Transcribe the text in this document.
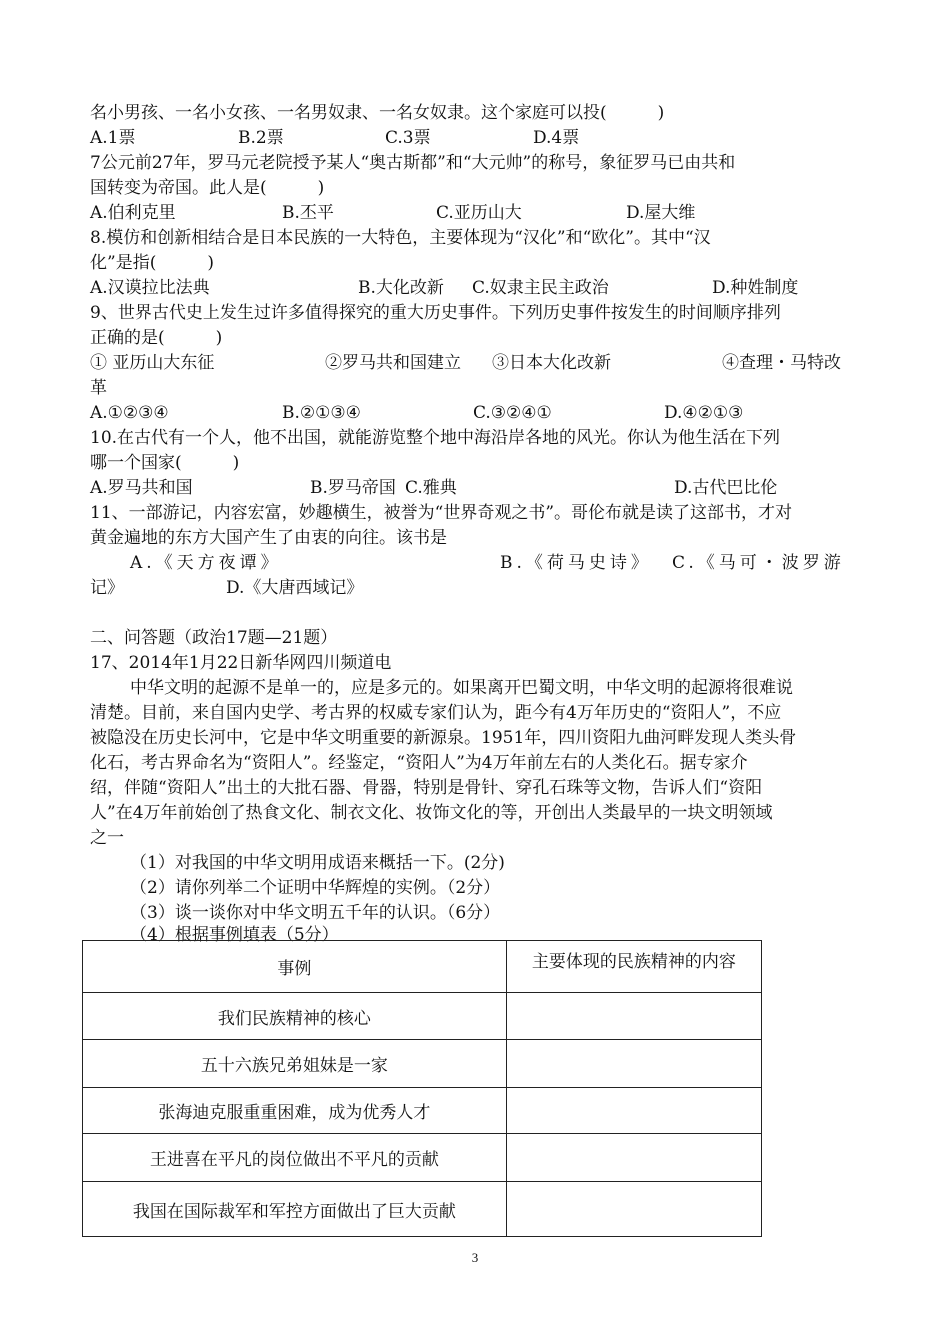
名小男孩、一名小女孩、一名男奴隶、一名女奴隶。这个家庭可以投(　　　)
A.1票	B.2票	C.3票	D.4票
7公元前27年，罗马元老院授予某人“奥古斯都”和“大元帅”的称号，象征罗马已由共和
国转变为帝国。此人是(　　　)
A.伯利克里	B.丕平	C.亚历山大	D.屋大维
8.模仿和创新相结合是日本民族的一大特色，主要体现为“汉化”和“欧化”。其中“汉
化”是指(　　　)
A.汉谟拉比法典	B.大化改新 C.奴隶主民主政治	D.种姓制度
9、世界古代史上发生过许多值得探究的重大历史事件。下列历史事件按发生的时间顺序排列
正确的是(　　　)
① 亚历山大东征	②罗马共和国建立 ③日本大化改新	④查理・马特改
革
A.①②③④	B.②①③④	C.③②④①	D.④②①③
10.在古代有一个人，他不出国，就能游览整个地中海沿岸各地的风光。你认为他生活在下列
哪一个国家(　　　)
A.罗马共和国	B.罗马帝国 C.雅典	D.古代巴比伦
11、一部游记，内容宏富，妙趣横生，被誉为“世界奇观之书”。哥伦布就是读了这部书，才对
黄金遍地的东方大国产生了由衷的向往。该书是
A.《天方夜谭》	B.《荷马史诗》 C.《马可・波罗游
记》	D.《大唐西域记》
二、问答题（政治17题—21题）
17、2014年1月22日新华网四川频道电
中华文明的起源不是单一的，应是多元的。如果离开巴蜀文明，中华文明的起源将很难说
清楚。目前，来自国内史学、考古界的权威专家们认为，距今有4万年历史的“资阳人”，不应
被隐没在历史长河中，它是中华文明重要的新源泉。1951年，四川资阳九曲河畔发现人类头骨
化石，考古界命名为“资阳人”。经鉴定，“资阳人”为4万年前左右的人类化石。据专家介
绍，伴随“资阳人”出土的大批石器、骨器，特别是骨针、穿孔石珠等文物，告诉人们“资阳
人”在4万年前始创了热食文化、制衣文化、妆饰文化的等，开创出人类最早的一块文明领域
之一
（1）对我国的中华文明用成语来概括一下。(2分)
（2）请你列举二个证明中华辉煌的实例。（2分）
（3）谈一谈你对中华文明五千年的认识。（6分）
（4）根据事例填表（5分）
事例	主要体现的民族精神的内容
我们民族精神的核心	
五十六族兄弟姐妹是一家	
张海迪克服重重困难，成为优秀人才	
王进喜在平凡的岗位做出不平凡的贡献	
我国在国际裁军和军控方面做出了巨大贡献	
3
